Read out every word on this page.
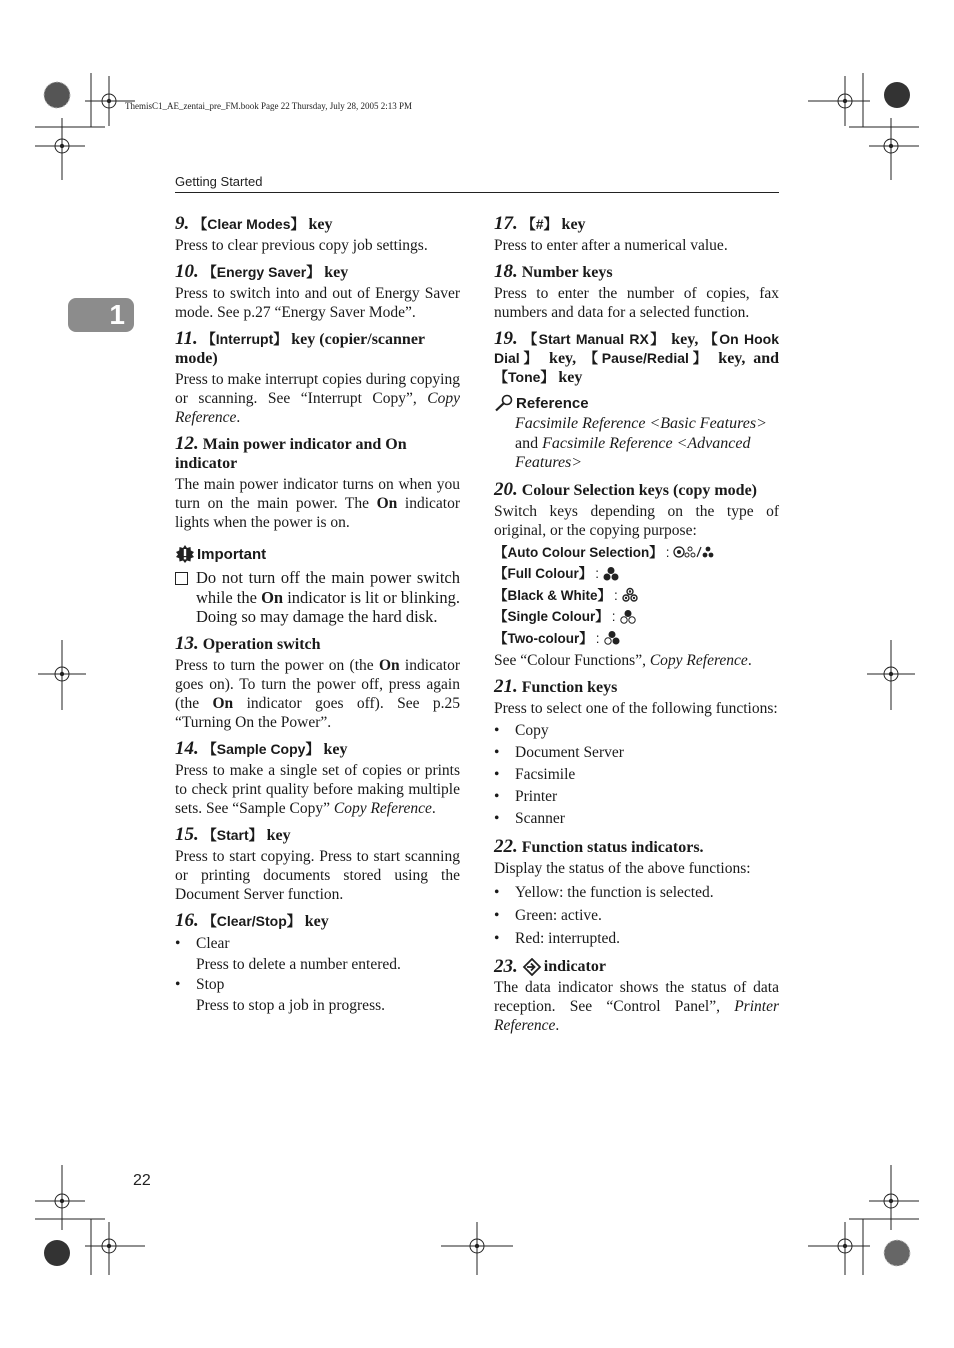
ThemisC1_AE_zentai_pre_FM.book Page 22 Thursday, July 28, 2005 2:13 PM
Getting Started
1
9. 【Clear Modes】 key
Press to clear previous copy job settings.
10. 【Energy Saver】 key
Press to switch into and out of Energy Saver mode. See p.27 “Energy Saver Mode”.
11. 【Interrupt】 key (copier/scanner mode)
Press to make interrupt copies during copying or scanning. See “Interrupt Copy”, Copy Reference.
12. Main power indicator and On indicator
The main power indicator turns on when you turn on the main power. The On indicator lights when the power is on.
Important
Do not turn off the main power switch while the On indicator is lit or blinking. Doing so may damage the hard disk.
13. Operation switch
Press to turn the power on (the On indicator goes on). To turn the power off, press again (the On indicator goes off). See p.25 “Turning On the Power”.
14. 【Sample Copy】 key
Press to make a single set of copies or prints to check print quality before making multiple sets. See “Sample Copy” Copy Reference.
15. 【Start】 key
Press to start copying. Press to start scanning or printing documents stored using the Document Server function.
16. 【Clear/Stop】 key
• Clear
Press to delete a number entered.
• Stop
Press to stop a job in progress.
17. 【#】 key
Press to enter after a numerical value.
18. Number keys
Press to enter the number of copies, fax numbers and data for a selected function.
19. 【Start Manual RX】 key, 【On Hook Dial】 key, 【Pause/Redial】 key, and 【Tone】 key
Reference
Facsimile Reference <Basic Features> and Facsimile Reference <Advanced Features>
20. Colour Selection keys (copy mode)
Switch keys depending on the type of original, or the copying purpose:
【Auto Colour Selection】 :
【Full Colour】 :
【Black & White】 :
【Single Colour】 :
【Two-colour】 :
See “Colour Functions”, Copy Reference.
21. Function keys
Press to select one of the following functions:
• Copy
• Document Server
• Facsimile
• Printer
• Scanner
22. Function status indicators.
Display the status of the above functions:
• Yellow: the function is selected.
• Green: active.
• Red: interrupted.
23. indicator
The data indicator shows the status of data reception. See “Control Panel”, Printer Reference.
22
